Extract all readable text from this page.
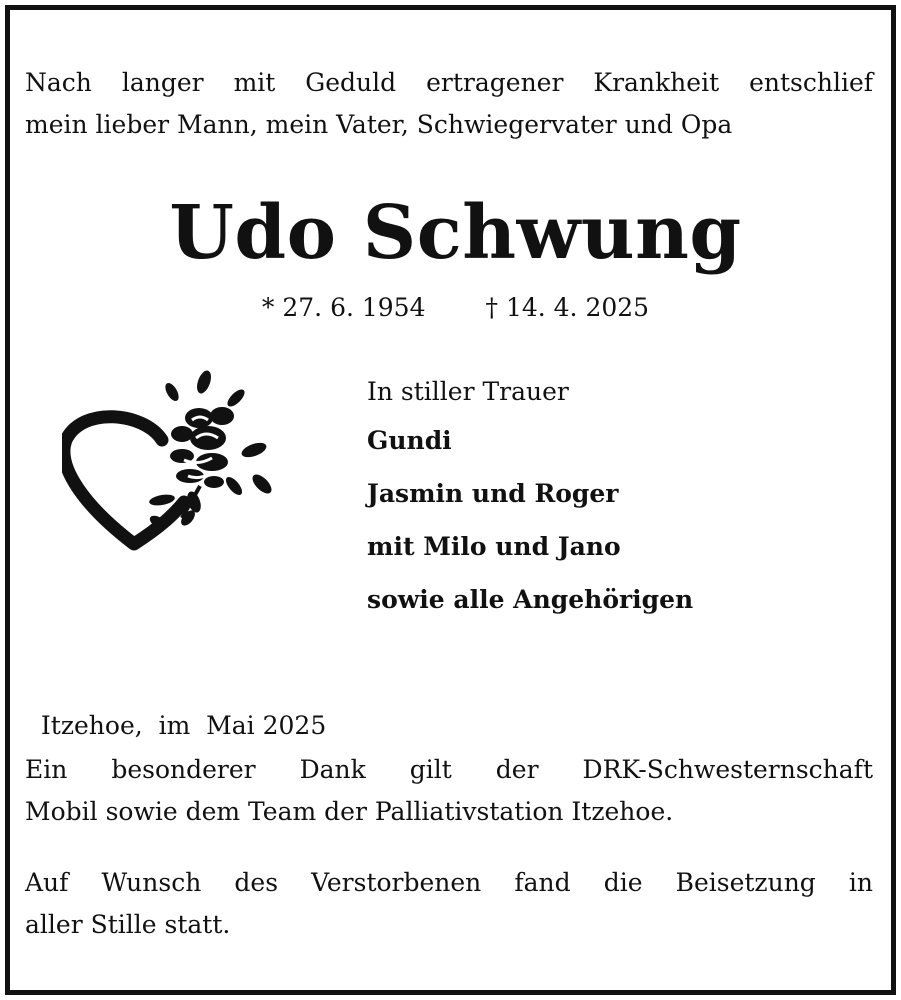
Nach langer mit Geduld ertragener Krankheit entschlief
mein lieber Mann, mein Vater, Schwiegervater und Opa

Udo Schwung
* 27. 6. 1954 † 14. 4. 2025
In stiller Trauer
Gundi
Jasmin und Roger
mit Milo und Jano
sowie alle Angehörigen

Itzehoe,  im  Mai 2025

Ein besonderer Dank gilt der DRK-Schwesternschaft
Mobil sowie dem Team der Palliativstation Itzehoe.

Auf Wunsch des Verstorbenen fand die Beisetzung in
aller Stille statt.
